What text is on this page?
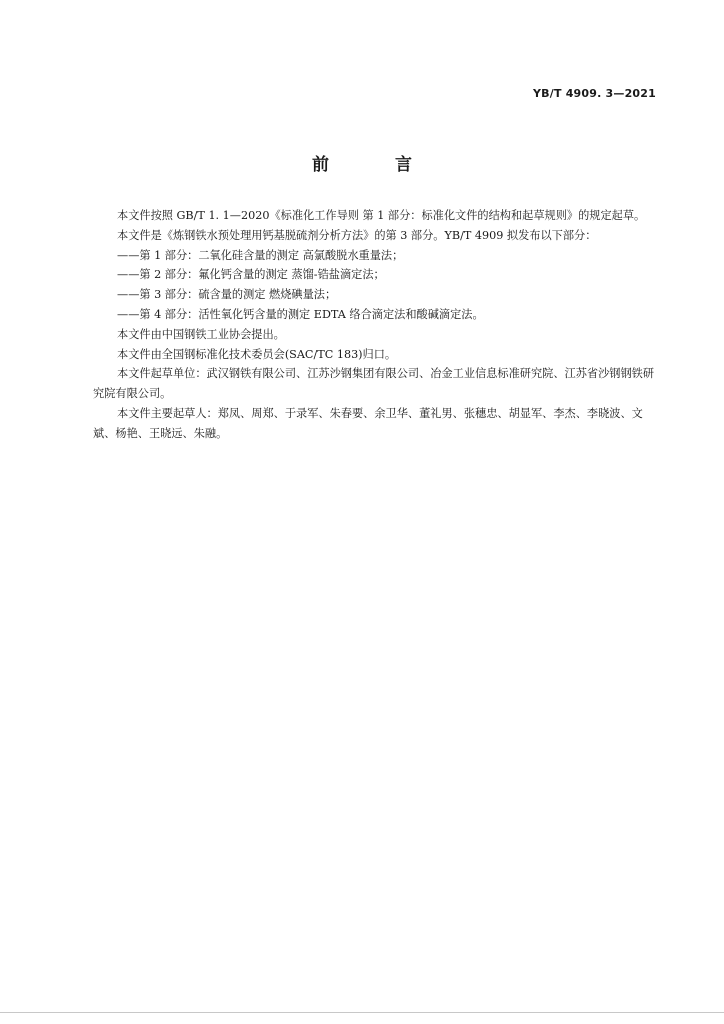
YB/T 4909. 3—2021
前 言

本文件按照 GB/T 1. 1—2020《标准化工作导则 第 1 部分：标准化文件的结构和起草规则》的规定起草。

本文件是《炼钢铁水预处理用钙基脱硫剂分析方法》的第 3 部分。YB/T 4909 拟发布以下部分：

——第 1 部分：二氧化硅含量的测定 高氯酸脱水重量法；

——第 2 部分：氟化钙含量的测定 蒸馏-锆盐滴定法；

——第 3 部分：硫含量的测定 燃烧碘量法；

——第 4 部分：活性氧化钙含量的测定 EDTA 络合滴定法和酸碱滴定法。

本文件由中国钢铁工业协会提出。

本文件由全国钢标准化技术委员会(SAC/TC 183)归口。

本文件起草单位：武汉钢铁有限公司、江苏沙钢集团有限公司、冶金工业信息标准研究院、江苏省沙钢钢铁研究院有限公司。

本文件主要起草人：郑凤、周郑、于录军、朱春要、余卫华、董礼男、张穗忠、胡显军、李杰、李晓波、文斌、杨艳、王晓远、朱融。
